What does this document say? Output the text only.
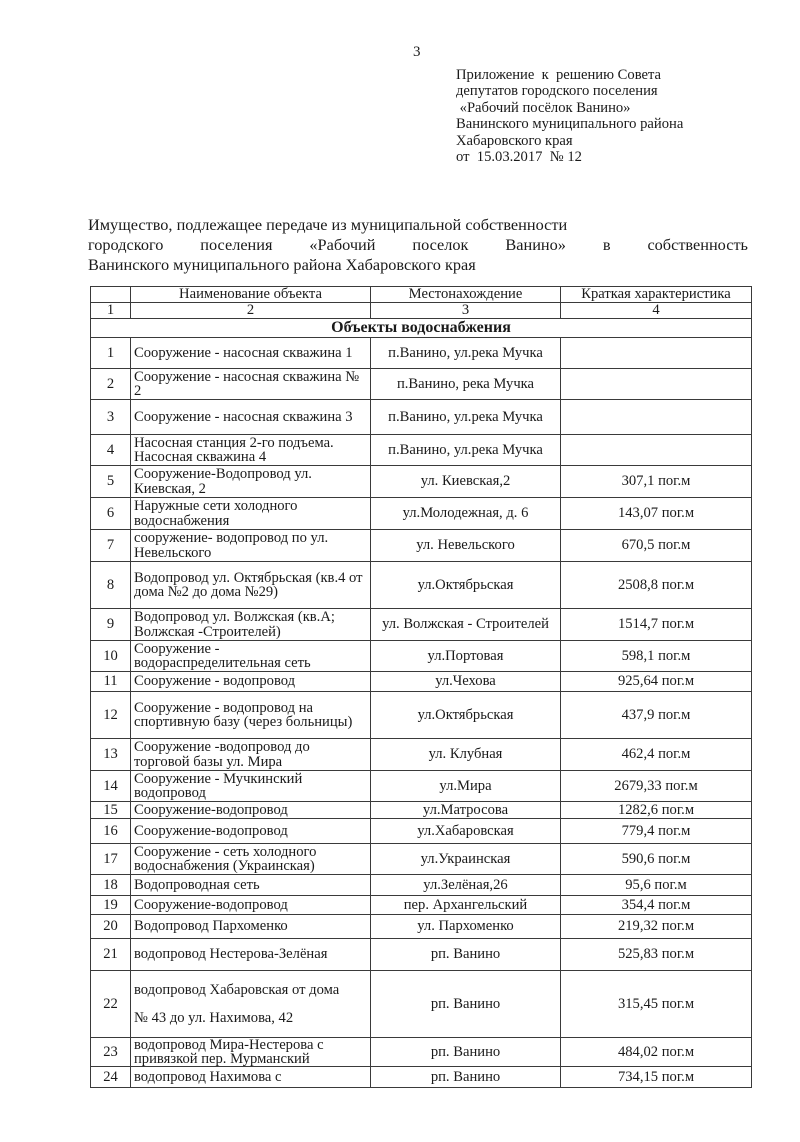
3
Приложение  к  решению Совета
депутатов городского поселения
«Рабочий посёлок Ванино»
Ванинского муниципального района
Хабаровского края
от  15.03.2017  № 12
Имущество, подлежащее передаче из муниципальной собственности
городского поселения «Рабочий поселок Ванино» в собственность
Ванинского муниципального района Хабаровского края
	Наименование объекта	Местонахождение	Краткая характеристика
1	2	3	4
Объекты водоснабжения			
1	Сооружение - насосная скважина 1	п.Ванино, ул.река Мучка	
2	Сооружение - насосная скважина № 2	п.Ванино, река Мучка	
3	Сооружение - насосная скважина 3	п.Ванино, ул.река Мучка	
4	Насосная станция 2-го подъема. Насосная скважина 4	п.Ванино, ул.река Мучка	
5	Сооружение-Водопровод ул. Киевская, 2	ул. Киевская,2	307,1 пог.м
6	Наружные сети холодного водоснабжения	ул.Молодежная, д. 6	143,07 пог.м
7	сооружение- водопровод по ул. Невельского	ул. Невельского	670,5 пог.м
8	Водопровод ул. Октябрьская (кв.4 от дома №2 до дома №29)	ул.Октябрьская	2508,8 пог.м
9	Водопровод ул. Волжская (кв.А; Волжская -Строителей)	ул. Волжская - Строителей	1514,7 пог.м
10	Сооружение - водораспределительная сеть	ул.Портовая	598,1 пог.м
11	Сооружение - водопровод	ул.Чехова	925,64 пог.м
12	Сооружение - водопровод на спортивную базу (через больницы)	ул.Октябрьская	437,9 пог.м
13	Сооружение -водопровод до торговой базы ул. Мира	ул. Клубная	462,4 пог.м
14	Сооружение - Мучкинский водопровод	ул.Мира	2679,33 пог.м
15	Сооружение-водопровод	ул.Матросова	1282,6 пог.м
16	Сооружение-водопровод	ул.Хабаровская	779,4 пог.м
17	Сооружение - сеть холодного водоснабжения (Украинская)	ул.Украинская	590,6 пог.м
18	Водопроводная сеть	ул.Зелёная,26	95,6 пог.м
19	Сооружение-водопровод	пер. Архангельский	354,4 пог.м
20	Водопровод Пархоменко	ул. Пархоменко	219,32 пог.м
21	водопровод Нестерова-Зелёная	рп. Ванино	525,83 пог.м
22	водопровод Хабаровская от дома
№ 43 до ул. Нахимова, 42	рп. Ванино	315,45 пог.м
23	водопровод Мира-Нестерова с привязкой пер. Мурманский	рп. Ванино	484,02 пог.м
24	водопровод Нахимова с	рп. Ванино	734,15 пог.м
